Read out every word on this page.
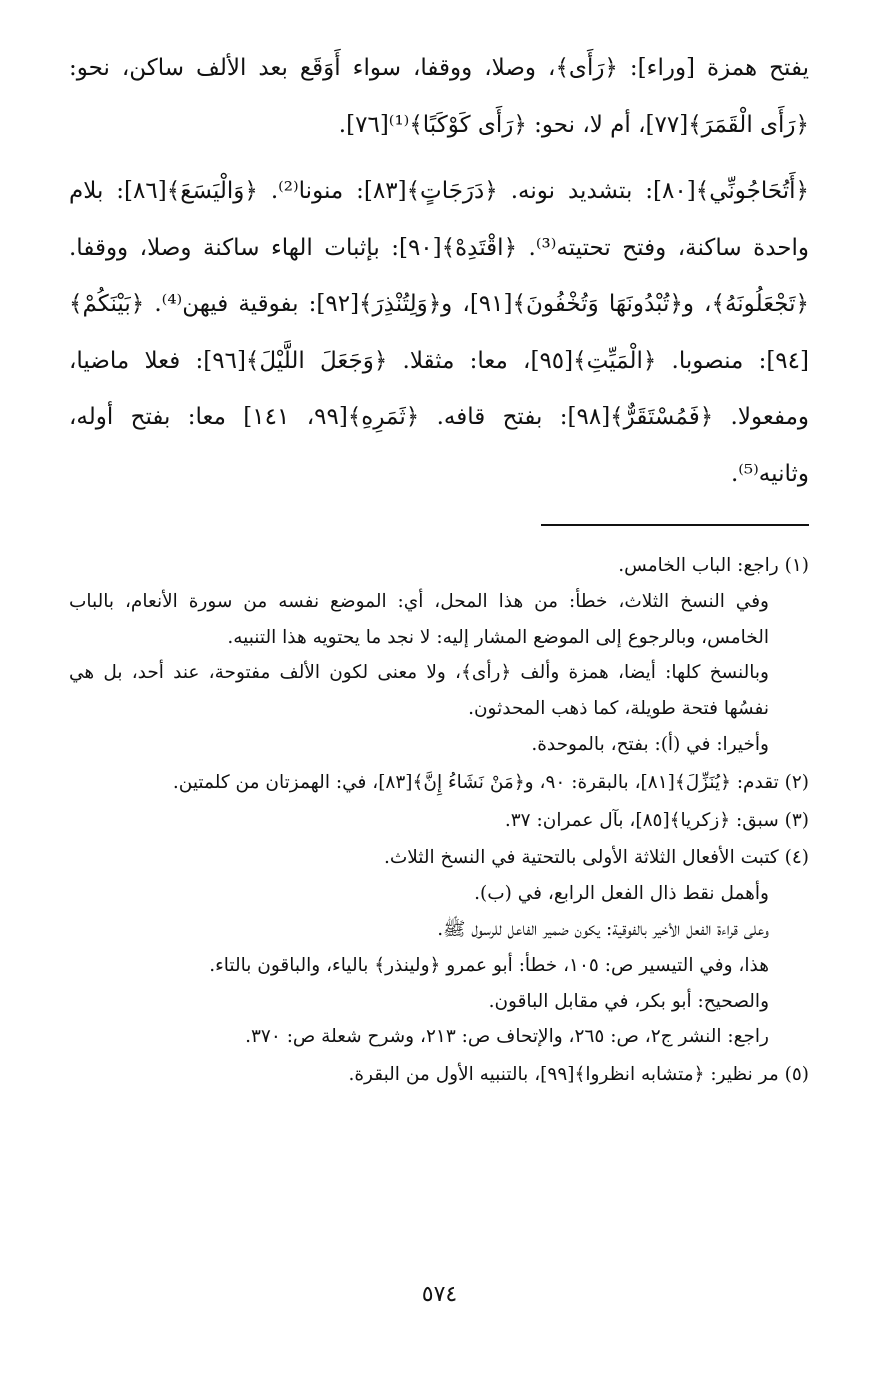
يفتح همزة [وراء]: ﴿رَأَى﴾، وصلا، ووقفا، سواء أَوَقَع بعد الألف ساكن، نحو: ﴿رَأَى الْقَمَرَ﴾[٧٧]، أم لا، نحو: ﴿رَأَى كَوْكَبًا﴾⁽¹⁾[٧٦].

﴿أَتُحَاجُونِّي﴾[٨٠]: بتشديد نونه. ﴿دَرَجَاتٍ﴾[٨٣]: منونا⁽²⁾. ﴿وَالْيَسَعَ﴾[٨٦]: بلام واحدة ساكنة، وفتح تحتيته⁽³⁾. ﴿اقْتَدِهْ﴾[٩٠]: بإثبات الهاء ساكنة وصلا، ووقفا. ﴿تَجْعَلُونَهُ﴾، و﴿تُبْدُونَهَا وَتُخْفُونَ﴾[٩١]، و﴿وَلِتُنْذِرَ﴾[٩٢]: بفوقية فيهن⁽⁴⁾. ﴿بَيْنَكُمْ﴾[٩٤]: منصوبا. ﴿الْمَيِّتِ﴾[٩٥]، معا: مثقلا. ﴿وَجَعَلَ اللَّيْلَ﴾[٩٦]: فعلا ماضيا، ومفعولا. ﴿فَمُسْتَقَرٌّ﴾[٩٨]: بفتح قافه. ﴿ثَمَرِهِ﴾[٩٩، ١٤١] معا: بفتح أوله، وثانيه⁽⁵⁾.

(١) راجع: الباب الخامس.
وفي النسخ الثلاث، خطأ: من هذا المحل، أي: الموضع نفسه من سورة الأنعام، بالباب الخامس، وبالرجوع إلى الموضع المشار إليه: لا نجد ما يحتويه هذا التنبيه.
وبالنسخ كلها: أيضا، همزة وألف ﴿رأى﴾، ولا معنى لكون الألف مفتوحة، عند أحد، بل هي نفسُها فتحة طويلة، كما ذهب المحدثون.
وأخيرا: في (أ): بفتح، بالموحدة.
(٢) تقدم: ﴿يُنَزِّلَ﴾[٨١]، بالبقرة: ٩٠، و﴿مَنْ نَشَاءُ إِنَّ﴾[٨٣]، في: الهمزتان من كلمتين.
(٣) سبق: ﴿زكريا﴾[٨٥]، بآل عمران: ٣٧.
(٤) كتبت الأفعال الثلاثة الأولى بالتحتية في النسخ الثلاث.
وأهمل نقط ذال الفعل الرابع، في (ب).
وعلى قراءة الفعل الأخير بالفوقية: يكون ضمير الفاعل للرسول ﷺ.
هذا، وفي التيسير ص: ١٠٥، خطأ: أبو عمرو ﴿ولينذر﴾ بالياء، والباقون بالتاء.
والصحيح: أبو بكر، في مقابل الباقون.
راجع: النشر ج٢، ص: ٢٦٥، والإتحاف ص: ٢١٣، وشرح شعلة ص: ٣٧٠.
(٥) مر نظير: ﴿متشابه انظروا﴾[٩٩]، بالتنبيه الأول من البقرة.
٥٧٤
